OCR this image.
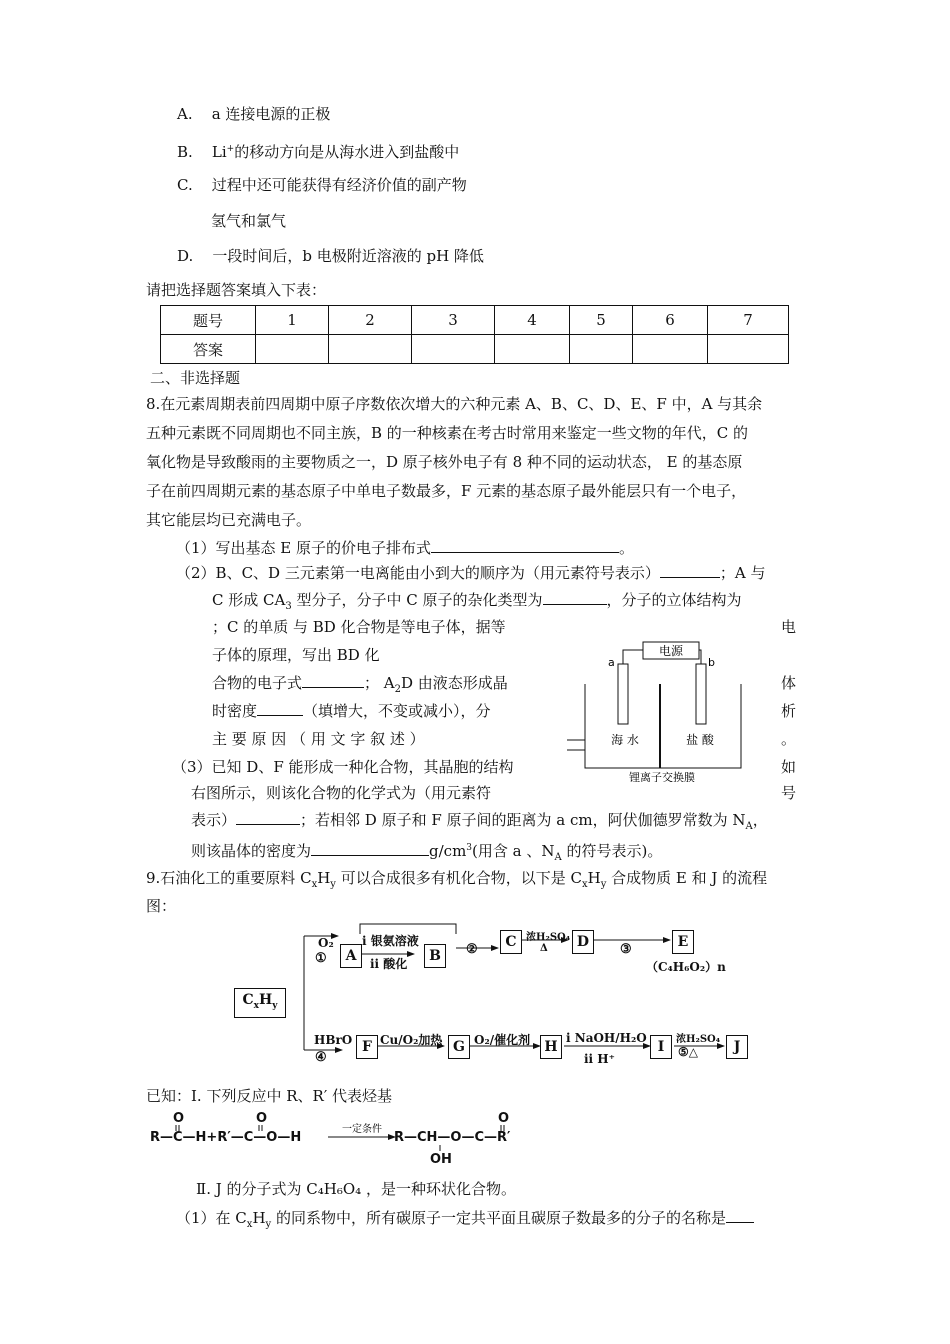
A. a 连接电源的正极
B. Li+的移动方向是从海水进入到盐酸中
C. 过程中还可能获得有经济价值的副产物
氢气和氯气
D. 一段时间后，b 电极附近溶液的 pH 降低
请把选择题答案填入下表：
题号	1	2	3	4	5	6	7
答案							
二、非选择题
8.在元素周期表前四周期中原子序数依次增大的六种元素 A、B、C、D、E、F 中，A 与其余
五种元素既不同周期也不同主族，B 的一种核素在考古时常用来鉴定一些文物的年代，C 的
氧化物是导致酸雨的主要物质之一，D 原子核外电子有 8 种不同的运动状态， E 的基态原
子在前四周期元素的基态原子中单电子数最多，F 元素的基态原子最外能层只有一个电子，
其它能层均已充满电子。
（1）写出基态 E 原子的价电子排布式	。
（2）B、C、D 三元素第一电离能由小到大的顺序为（用元素符号表示）	；A 与
C 形成 $CA_3$ 型分子，分子中 C 原子的杂化类型为	，分子的立体结构为
；C 的单质 与 BD 化合物是等电子体，据等	电
子体的原理，写出 BD 化
合物的电子式	； $A_2D$ 由液态形成晶	体
时密度	（填增大，不变或减小），分	析
主 要 原 因 （ 用 文 字 叙 述 ）	。
（3）已知 D、F 能形成一种化合物，其晶胞的结构	如
右图所示，则该化合物的化学式为（用元素符	号
表示）	；若相邻 D 原子和 F 原子间的距离为 a cm，阿伏伽德罗常数为 $N_A$，
则该晶体的密度为	$g/cm^3$(用含 a 、$N_A$ 的符号表示)。
电源
a	b
海 水	盐 酸
锂离子交换膜
9.石油化工的重要原料 $C_xH_y$ 可以合成很多有机化合物，以下是 $C_xH_y$ 合成物质 E 和 J 的流程
图：
$C_xH_y$
A	B
C	D	E
F	G	H	I	J
O₂
①
i 银氨溶液
ii 酸化
②
浓H₂SO₄
Δ	③
（C₄H₆O₂）n
HBrO
④
Cu/O₂加热	O₂/催化剂	i NaOH/H₂O
ii H⁺
浓H₂SO₄
⑤△
已知：Ⅰ. 下列反应中 R、R′ 代表烃基
R—C—H+R′—C—O—H
O	O
R—CH—O—C—R′
O
OH
一定条件
Ⅱ. J 的分子式为 C₄H₆O₄ ，是一种环状化合物。
（1）在 $C_xH_y$ 的同系物中，所有碳原子一定共平面且碳原子数最多的分子的名称是
